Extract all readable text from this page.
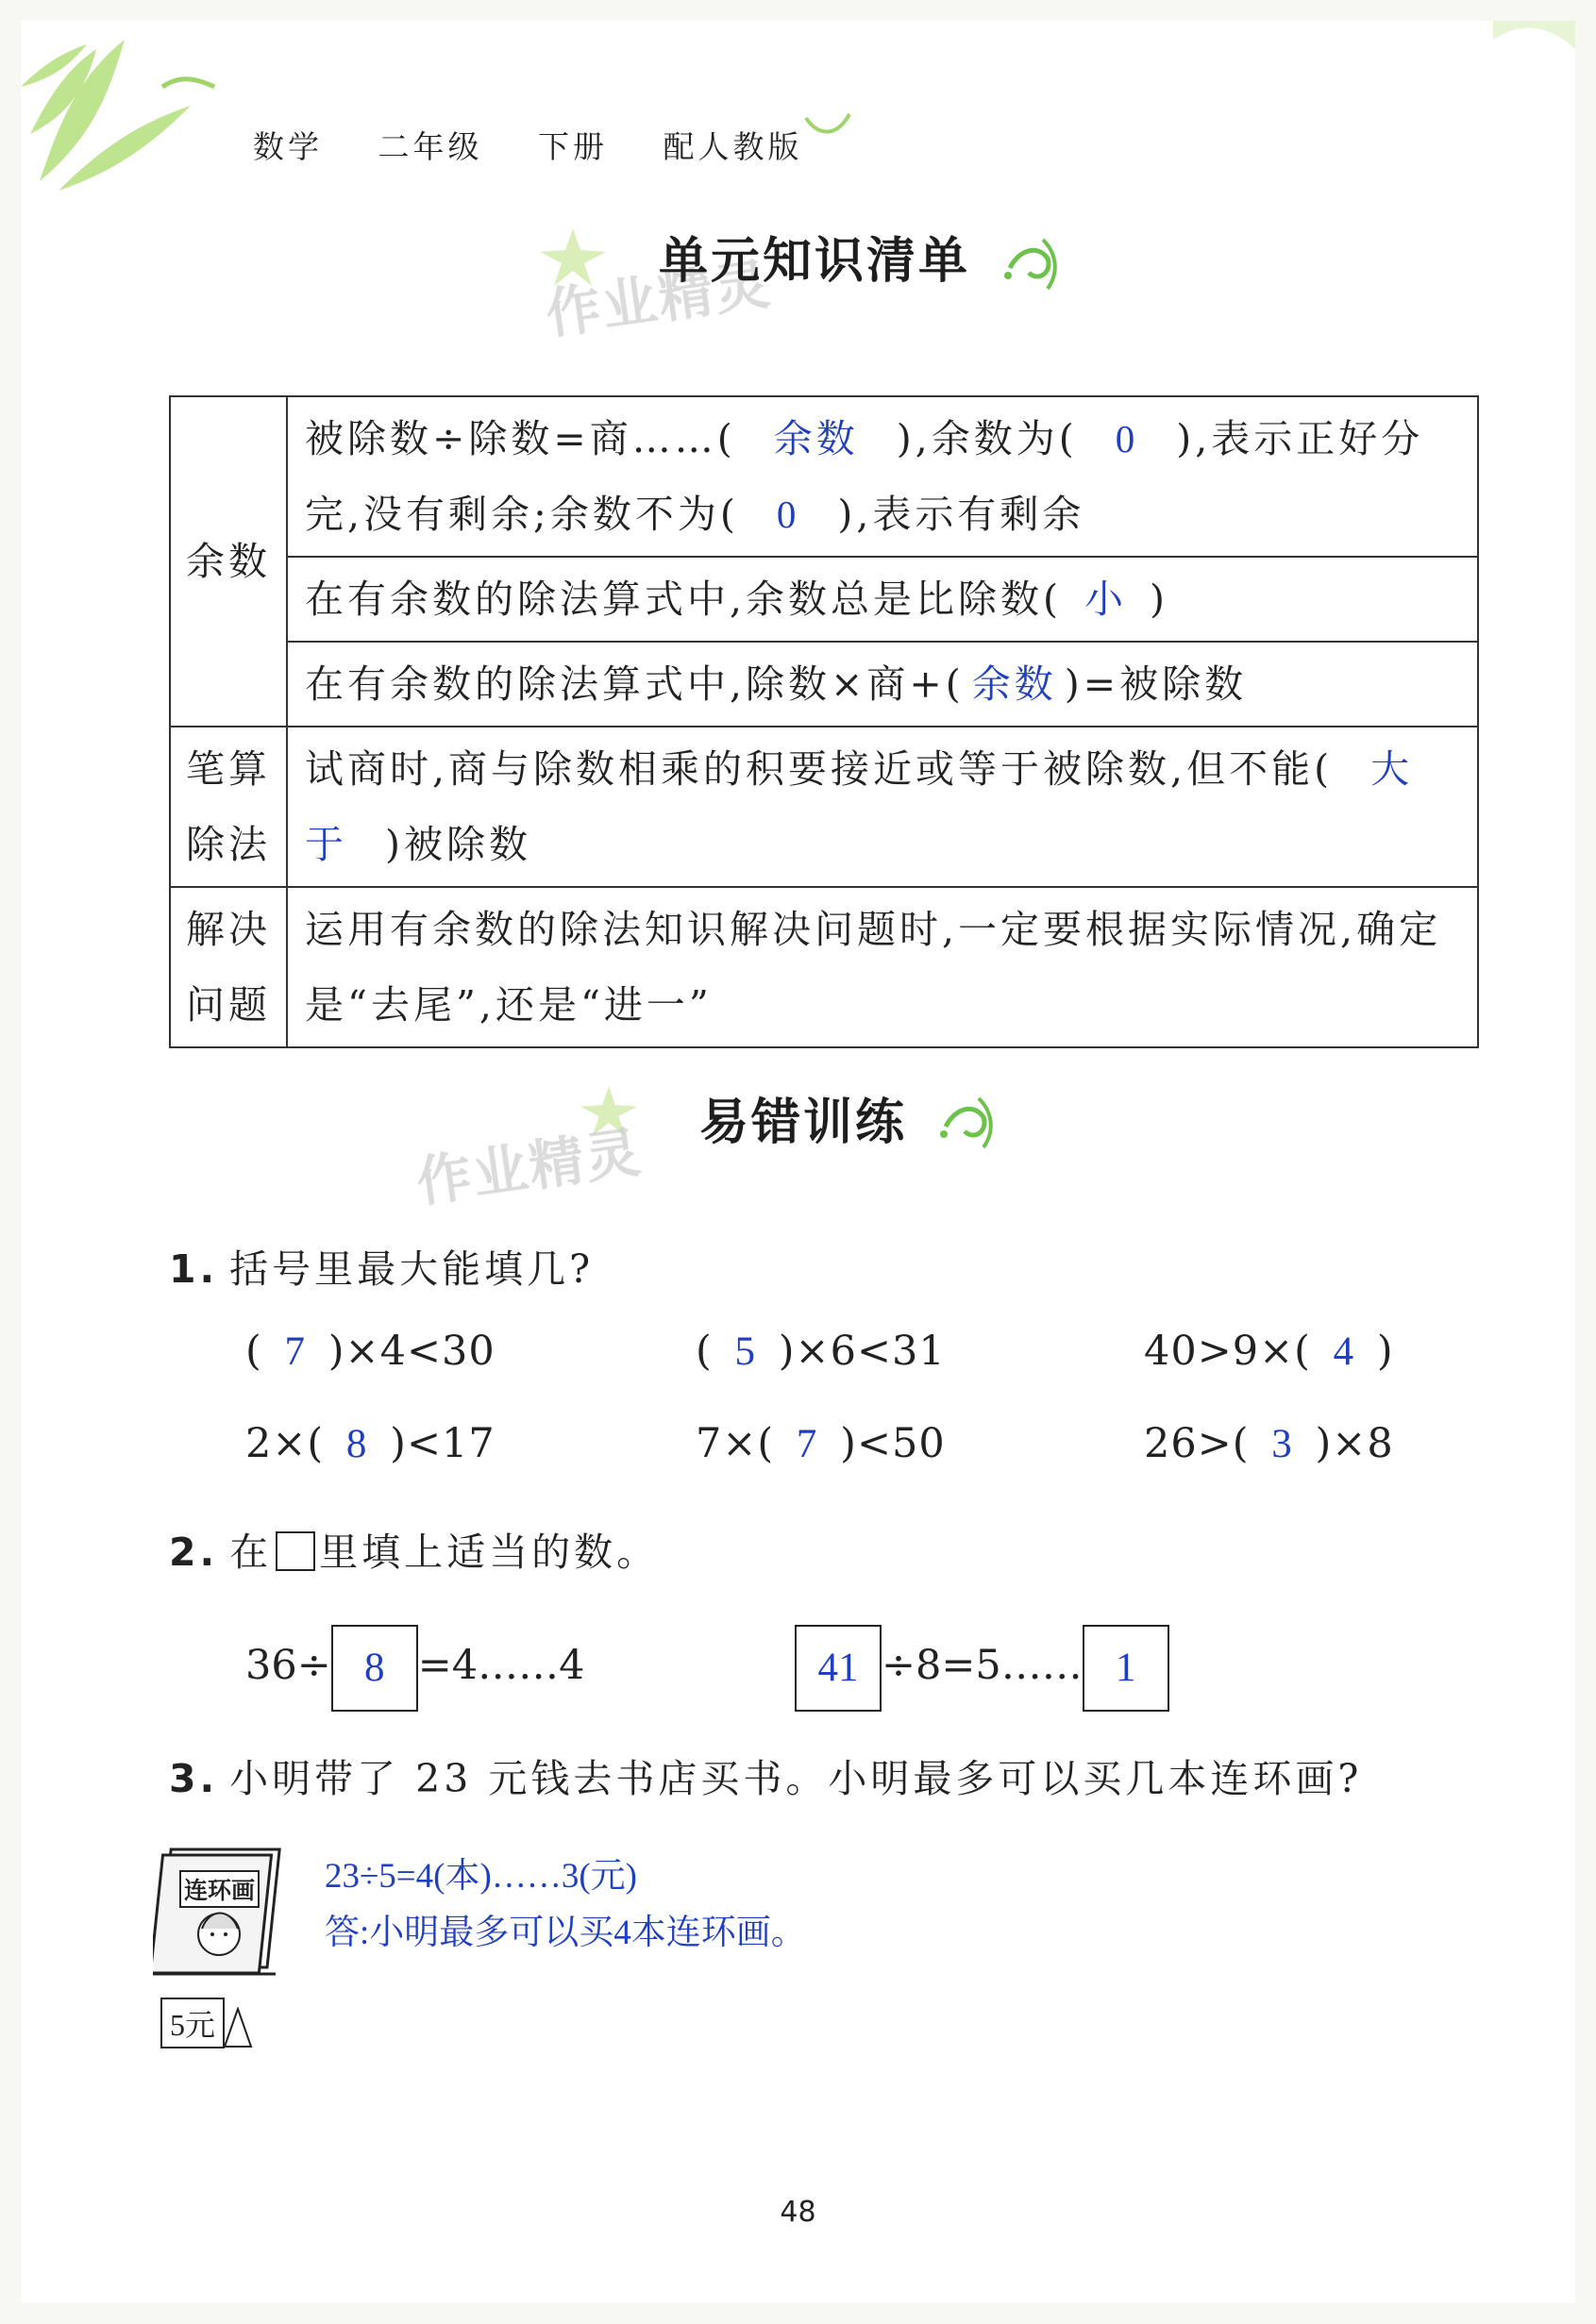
数学 二年级 下册 配人教版
作业精灵
单元知识清单
余数	被除数÷除数=商……( 余数 ),余数为( 0 ),表示正好分完,没有剩余;余数不为( 0 ),表示有剩余
	在有余数的除法算式中,余数总是比除数( 小 )
	在有余数的除法算式中,除数×商+( 余数 )=被除数
笔算除法	试商时,商与除数相乘的积要接近或等于被除数,但不能( 大于 )被除数
解决问题	运用有余数的除法知识解决问题时,一定要根据实际情况,确定是“去尾”,还是“进一”
作业精灵 易错训练
1. 括号里最大能填几?
( 7 )×4<30	( 5 )×6<31	40>9×( 4 )
2×( 8 )<17	7×( 7 )<50	26>( 3 )×8
2. 在 里填上适当的数。
36÷ 8 =4……4	41 ÷8=5…… 1
3. 小明带了 23 元钱去书店买书。小明最多可以买几本连环画?
连环画
5元
23÷5=4(本)……3(元)
答:小明最多可以买4本连环画。
48
